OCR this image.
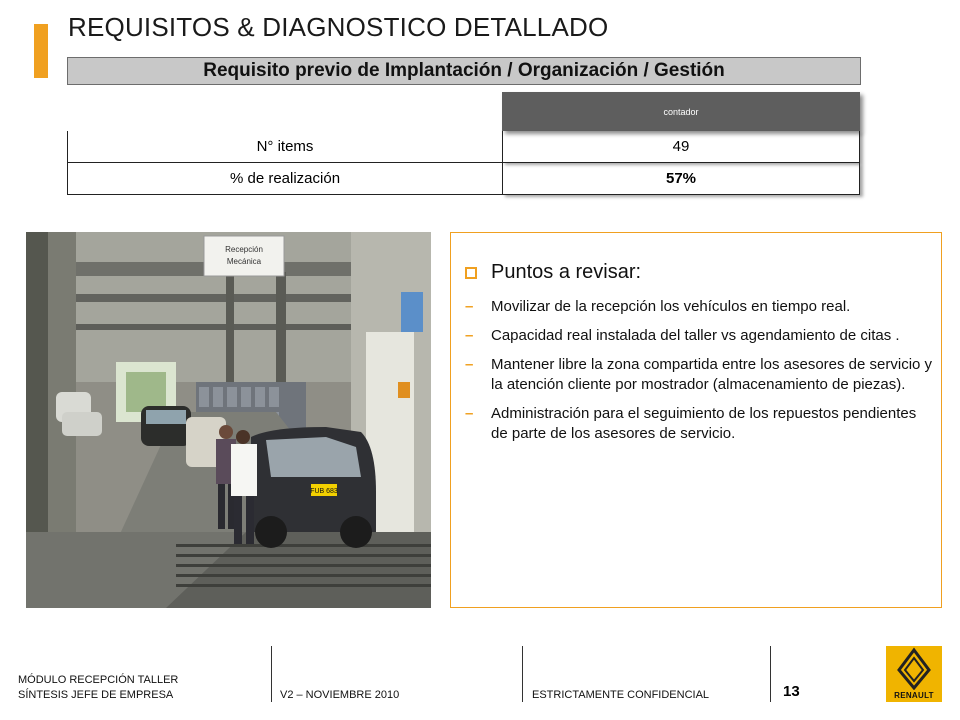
REQUISITOS & DIAGNOSTICO DETALLADO
Requisito previo de Implantación / Organización / Gestión
contador
N° items	49
% de realización	57%
Recepción
Mecánica
FUB 683
Puntos a revisar:
–	Movilizar de la recepción los vehículos en tiempo real.
–	Capacidad real instalada del taller vs agendamiento de citas .
–	Mantener libre la zona compartida entre los asesores de servicio y la atención cliente por mostrador (almacenamiento de piezas).
–	Administración para el seguimiento de los repuestos pendientes de parte de los asesores de servicio.
MÓDULO RECEPCIÓN TALLER
SÍNTESIS JEFE DE EMPRESA	V2 – NOVIEMBRE 2010	ESTRICTAMENTE CONFIDENCIAL	13	RENAULT
